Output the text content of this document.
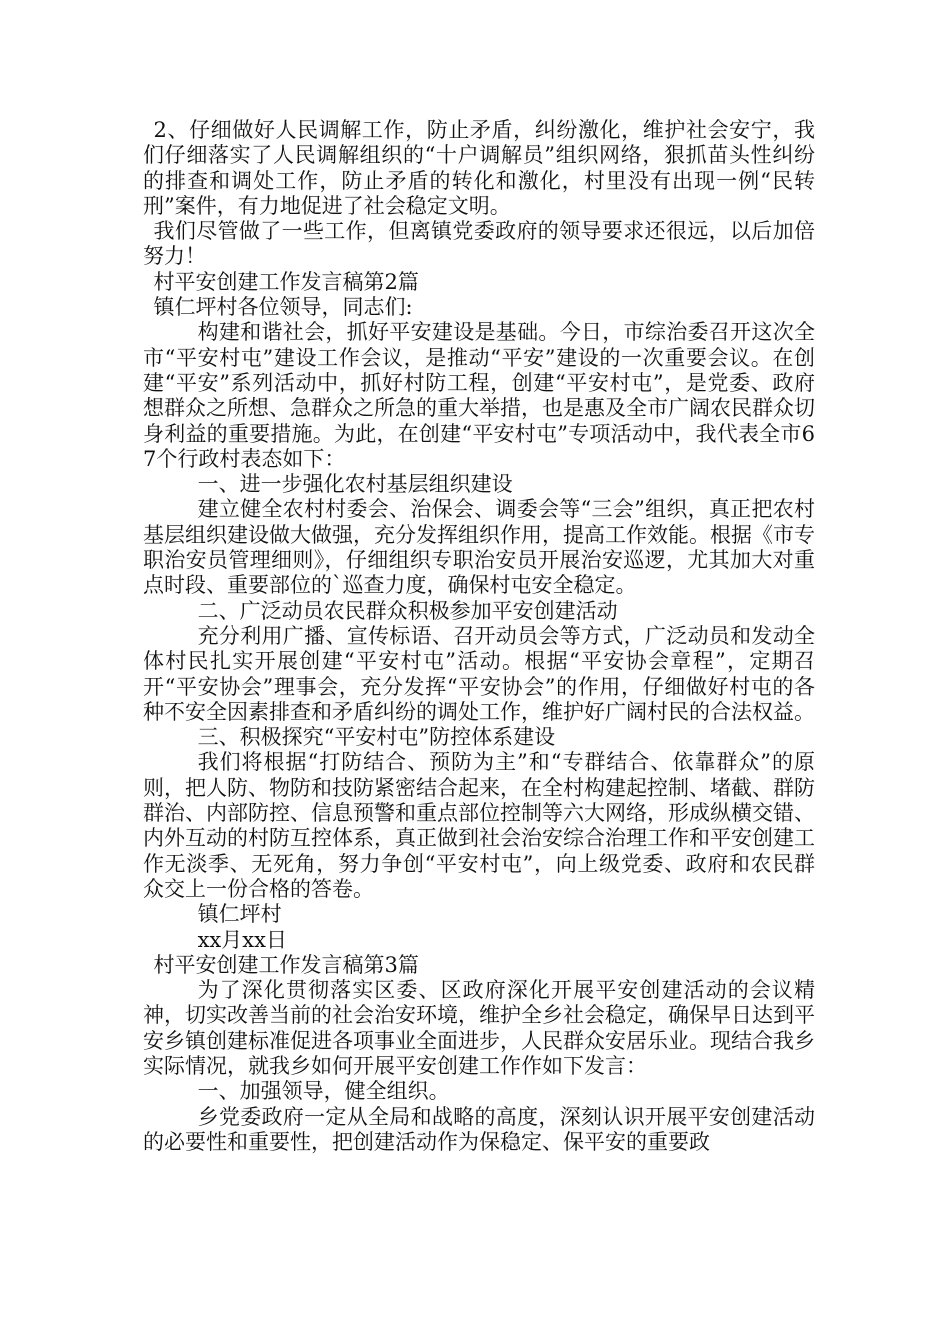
2、仔细做好人民调解工作，防止矛盾，纠纷激化，维护社会安宁，我们仔细落实了人民调解组织的“十户调解员”组织网络，狠抓苗头性纠纷的排查和调处工作，防止矛盾的转化和激化，村里没有出现一例“民转刑”案件，有力地促进了社会稳定文明。

我们尽管做了一些工作，但离镇党委政府的领导要求还很远，以后加倍努力！

村平安创建工作发言稿第2篇

镇仁坪村各位领导，同志们:

构建和谐社会，抓好平安建设是基础。今日，市综治委召开这次全市“平安村屯”建设工作会议，是推动“平安”建设的一次重要会议。在创建“平安”系列活动中，抓好村防工程，创建“平安村屯”，是党委、政府想群众之所想、急群众之所急的重大举措，也是惠及全市广阔农民群众切身利益的重要措施。为此，在创建“平安村屯”专项活动中，我代表全市67个行政村表态如下：

一、进一步强化农村基层组织建设

建立健全农村村委会、治保会、调委会等“三会”组织，真正把农村基层组织建设做大做强，充分发挥组织作用，提高工作效能。根据《市专职治安员管理细则》，仔细组织专职治安员开展治安巡逻，尤其加大对重点时段、重要部位的`巡查力度，确保村屯安全稳定。

二、广泛动员农民群众积极参加平安创建活动

充分利用广播、宣传标语、召开动员会等方式，广泛动员和发动全体村民扎实开展创建“平安村屯”活动。根据“平安协会章程”，定期召开“平安协会”理事会，充分发挥“平安协会”的作用，仔细做好村屯的各种不安全因素排查和矛盾纠纷的调处工作，维护好广阔村民的合法权益。

三、积极探究“平安村屯”防控体系建设

我们将根据“打防结合、预防为主”和“专群结合、依靠群众”的原则，把人防、物防和技防紧密结合起来，在全村构建起控制、堵截、群防群治、内部防控、信息预警和重点部位控制等六大网络，形成纵横交错、内外互动的村防互控体系，真正做到社会治安综合治理工作和平安创建工作无淡季、无死角，努力争创“平安村屯”，向上级党委、政府和农民群众交上一份合格的答卷。

镇仁坪村

xx月xx日

村平安创建工作发言稿第3篇

为了深化贯彻落实区委、区政府深化开展平安创建活动的会议精神，切实改善当前的社会治安环境，维护全乡社会稳定，确保早日达到平安乡镇创建标准促进各项事业全面进步，人民群众安居乐业。现结合我乡实际情况，就我乡如何开展平安创建工作作如下发言：

一、加强领导，健全组织。

乡党委政府一定从全局和战略的高度，深刻认识开展平安创建活动的必要性和重要性，把创建活动作为保稳定、保平安的重要政
